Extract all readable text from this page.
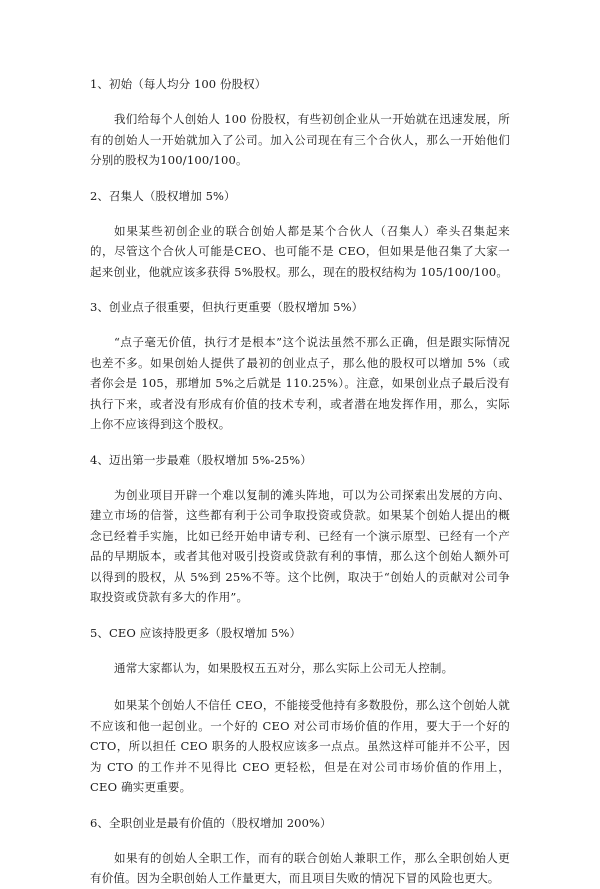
1、初始（每人均分 100 份股权）

我们给每个人创始人 100 份股权，有些初创企业从一开始就在迅速发展，所有的创始人一开始就加入了公司。加入公司现在有三个合伙人，那么一开始他们分别的股权为100/100/100。

2、召集人（股权增加 5%）

如果某些初创企业的联合创始人都是某个合伙人（召集人）牵头召集起来的，尽管这个合伙人可能是CEO、也可能不是 CEO，但如果是他召集了大家一起来创业，他就应该多获得 5%股权。那么，现在的股权结构为 105/100/100。

3、创业点子很重要，但执行更重要（股权增加 5%）

“点子毫无价值，执行才是根本”这个说法虽然不那么正确，但是跟实际情况也差不多。如果创始人提供了最初的创业点子，那么他的股权可以增加 5%（或者你会是 105，那增加 5%之后就是 110.25%）。注意，如果创业点子最后没有执行下来，或者没有形成有价值的技术专利，或者潜在地发挥作用，那么，实际上你不应该得到这个股权。

4、迈出第一步最难（股权增加 5%-25%）

为创业项目开辟一个难以复制的滩头阵地，可以为公司探索出发展的方向、建立市场的信誉，这些都有利于公司争取投资或贷款。如果某个创始人提出的概念已经着手实施，比如已经开始申请专利、已经有一个演示原型、已经有一个产品的早期版本，或者其他对吸引投资或贷款有利的事情，那么这个创始人额外可以得到的股权，从 5%到 25%不等。这个比例，取决于“创始人的贡献对公司争取投资或贷款有多大的作用”。

5、CEO 应该持股更多（股权增加 5%）

通常大家都认为，如果股权五五对分，那么实际上公司无人控制。

如果某个创始人不信任 CEO，不能接受他持有多数股份，那么这个创始人就不应该和他一起创业。一个好的 CEO 对公司市场价值的作用，要大于一个好的 CTO，所以担任 CEO 职务的人股权应该多一点点。虽然这样可能并不公平，因为 CTO 的工作并不见得比 CEO 更轻松，但是在对公司市场价值的作用上，CEO 确实更重要。

6、全职创业是最有价值的（股权增加 200%）

如果有的创始人全职工作，而有的联合创始人兼职工作，那么全职创始人更有价值。因为全职创始人工作量更大，而且项目失败的情况下冒的风险也更大。
